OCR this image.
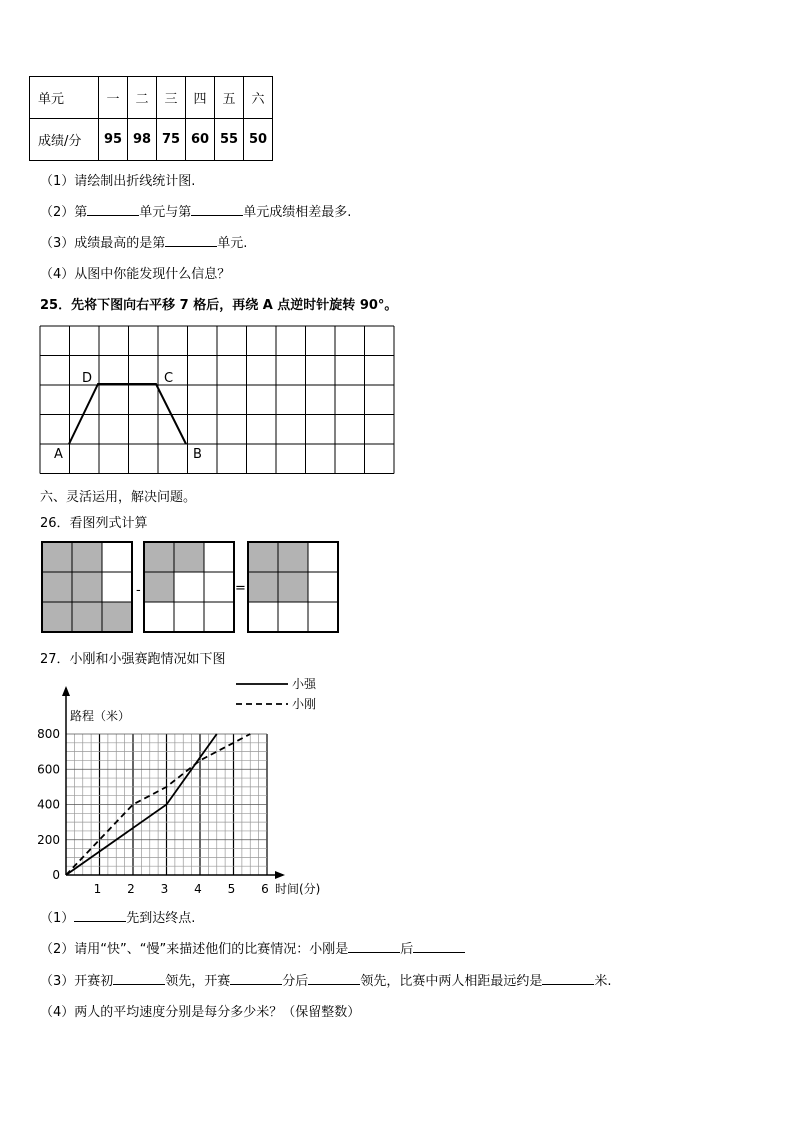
单元	一	二	三	四	五	六
成绩/分	95	98	75	60	55	50
（1）请绘制出折线统计图.
（2）第	单元与第	单元成绩相差最多.
（3）成绩最高的是第	单元.
（4）从图中你能发现什么信息？
25．先将下图向右平移 7 格后，再绕 A 点逆时针旋转 90°。
A	B
C
D
六、灵活运用，解决问题。
26．看图列式计算
-	=
27．小刚和小强赛跑情况如下图
800
600
400
200
0
1 2 3 4 5 6
路程（米）
时间(分)
小强
小刚
（1）	先到达终点.
（2）请用“快”、“慢”来描述他们的比赛情况：小刚是	后
（3）开赛初	领先，开赛	分后	领先，比赛中两人相距最远约是	米.
（4）两人的平均速度分别是每分多少米？（保留整数）
